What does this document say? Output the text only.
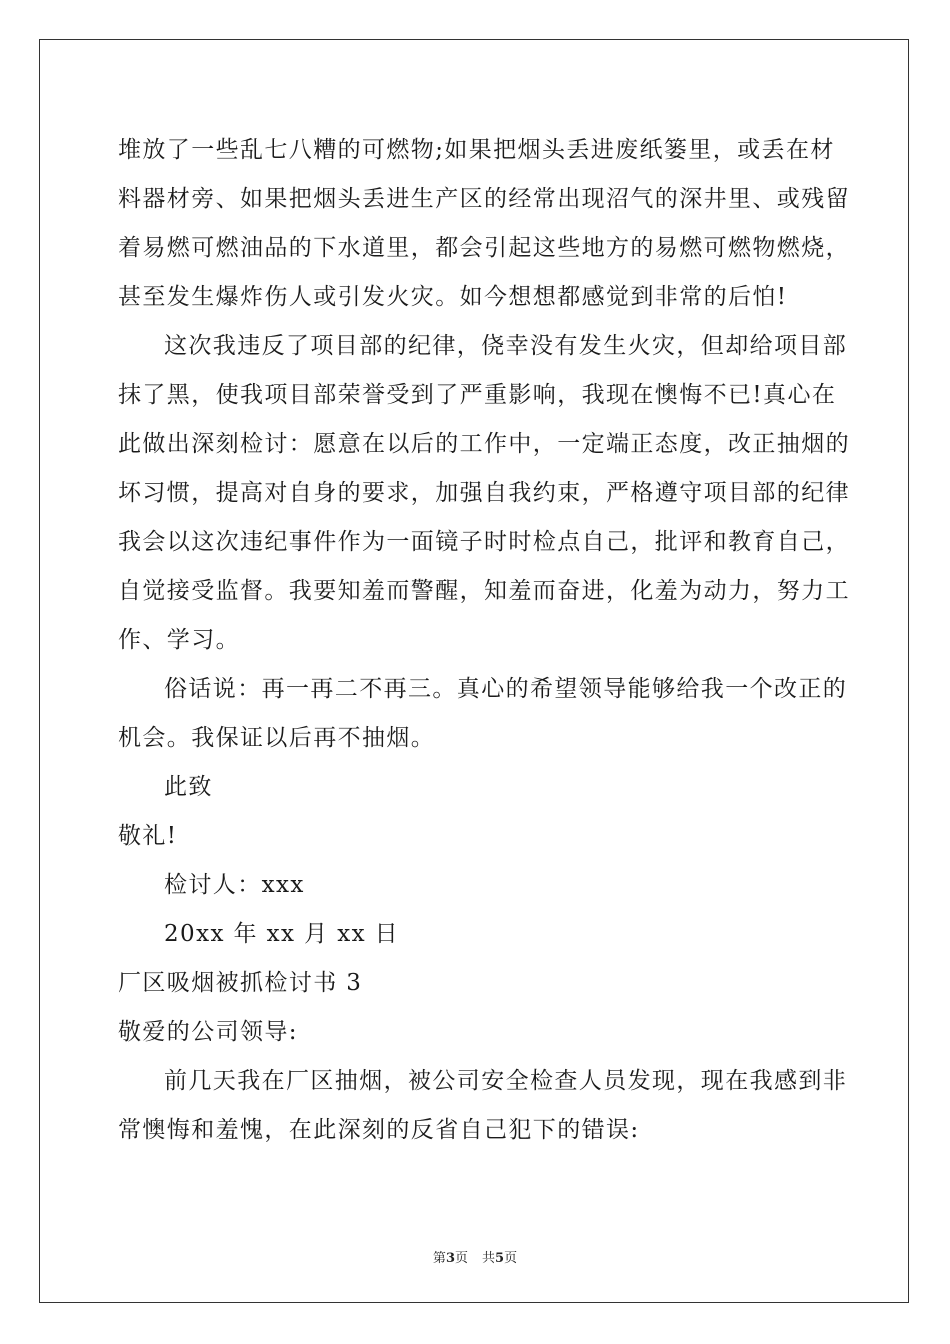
堆放了一些乱七八糟的可燃物;如果把烟头丢进废纸篓里，或丢在材
料器材旁、如果把烟头丢进生产区的经常出现沼气的深井里、或残留
着易燃可燃油品的下水道里，都会引起这些地方的易燃可燃物燃烧，
甚至发生爆炸伤人或引发火灾。如今想想都感觉到非常的后怕!
这次我违反了项目部的纪律，侥幸没有发生火灾，但却给项目部
抹了黑，使我项目部荣誉受到了严重影响，我现在懊悔不已!真心在
此做出深刻检讨：愿意在以后的工作中，一定端正态度，改正抽烟的
坏习惯，提高对自身的要求，加强自我约束，严格遵守项目部的纪律
我会以这次违纪事件作为一面镜子时时检点自己，批评和教育自己，
自觉接受监督。我要知羞而警醒，知羞而奋进，化羞为动力，努力工
作、学习。
俗话说：再一再二不再三。真心的希望领导能够给我一个改正的
机会。我保证以后再不抽烟。
此致
敬礼!
检讨人：xxx
20xx 年 xx 月 xx 日
厂区吸烟被抓检讨书 3
敬爱的公司领导:
前几天我在厂区抽烟，被公司安全检查人员发现，现在我感到非
常懊悔和羞愧，在此深刻的反省自己犯下的错误:
第3页 共5页
